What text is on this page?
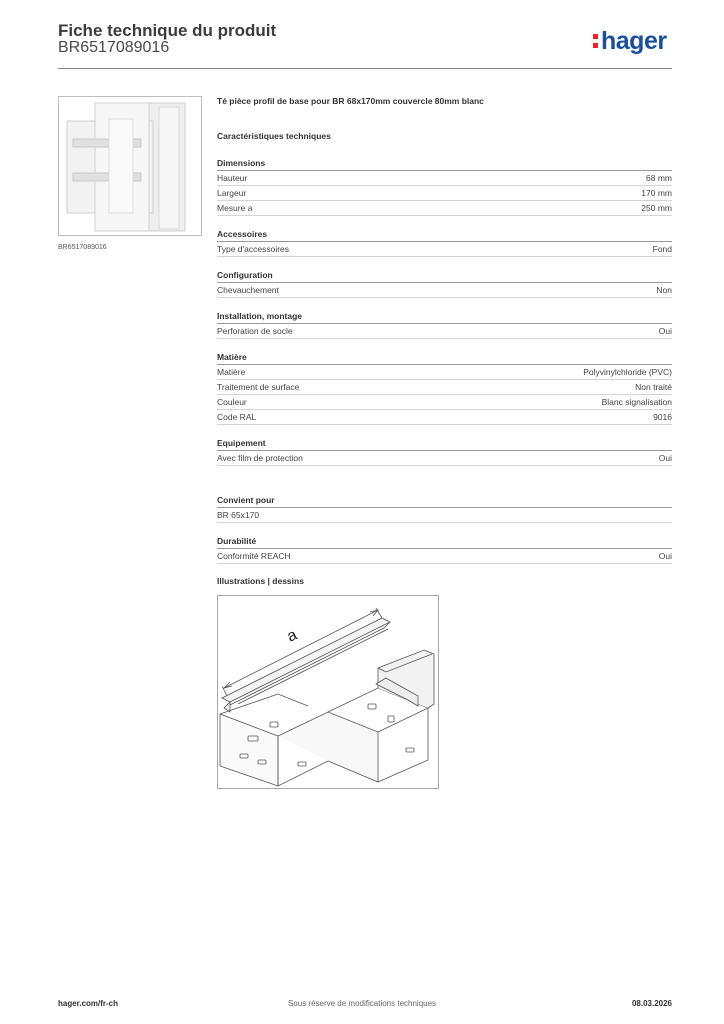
Fiche technique du produit
BR6517089016	hager
BR6517089016
Té pièce profil de base pour BR 68x170mm couvercle 80mm blanc
Caractéristiques techniques
Dimensions
Hauteur	68 mm
Largeur	170 mm
Mesure a	250 mm
Accessoires
Type d'accessoires	Fond
Configuration
Chevauchement	Non
Installation, montage
Perforation de socle	Oui
Matière
Matière	Polyvinylchloride (PVC)
Traitement de surface	Non traité
Couleur	Blanc signalisation
Code RAL	9016
Equipement
Avec film de protection	Oui
Convient pour
BR 65x170
Durabilité
Conformité REACH	Oui
Illustrations | dessins
a
hager.com/fr-ch	Sous réserve de modifications techniques	08.03.2026
